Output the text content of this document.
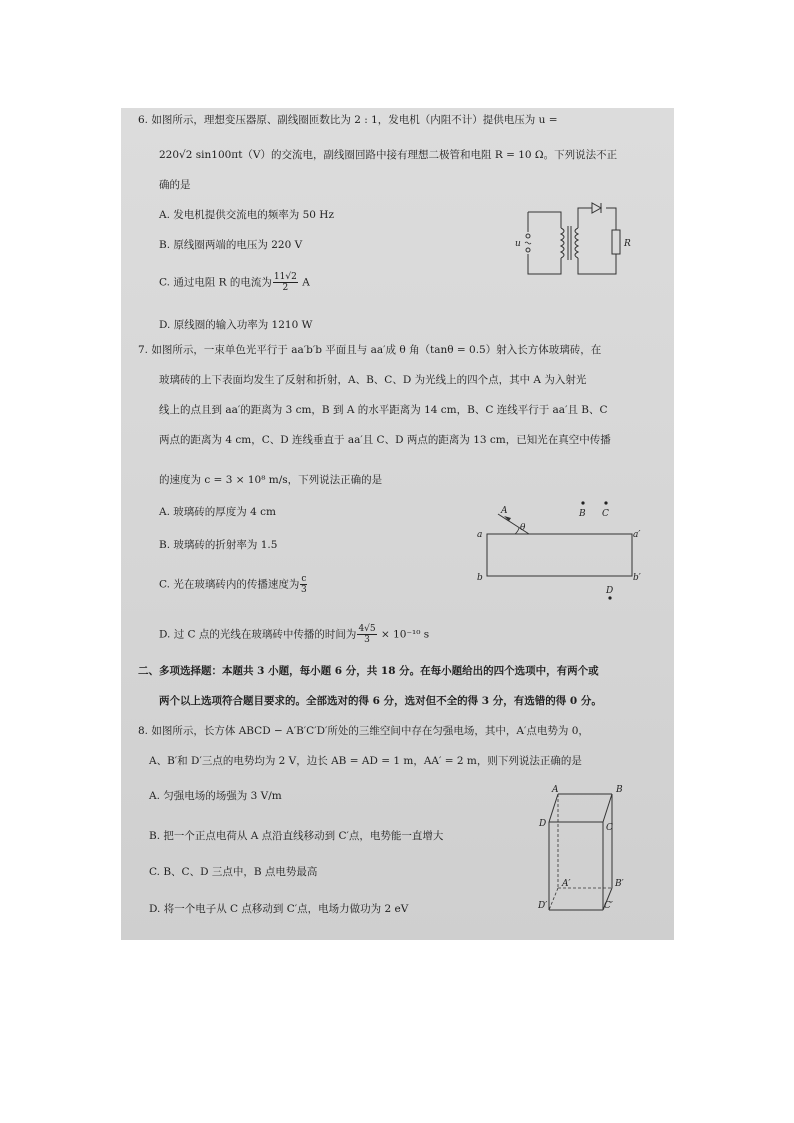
6. 如图所示，理想变压器原、副线圈匝数比为 2 : 1，发电机（内阻不计）提供电压为 u =
220√2 sin100πt（V）的交流电，副线圈回路中接有理想二极管和电阻 R = 10 Ω。下列说法不正
确的是
A. 发电机提供交流电的频率为 50 Hz
B. 原线圈两端的电压为 220 V
C. 通过电阻 R 的电流为 $\frac{11√2}{2}$ A
D. 原线圈的输入功率为 1210 W
u	R
7. 如图所示，一束单色光平行于 aa′b′b 平面且与 aa′成 θ 角（tanθ = 0.5）射入长方体玻璃砖，在
玻璃砖的上下表面均发生了反射和折射，A、B、C、D 为光线上的四个点，其中 A 为入射光
线上的点且到 aa′的距离为 3 cm，B 到 A 的水平距离为 14 cm，B、C 连线平行于 aa′且 B、C
两点的距离为 4 cm，C、D 连线垂直于 aa′且 C、D 两点的距离为 13 cm，已知光在真空中传播
的速度为 c = 3 × 10⁸ m/s，下列说法正确的是
A. 玻璃砖的厚度为 4 cm
B. 玻璃砖的折射率为 1.5
C. 光在玻璃砖内的传播速度为 $\frac{c}{3}$
D. 过 C 点的光线在玻璃砖中传播的时间为 $\frac{4√5}{3} \times 10^{-10}$ s
A	B C
D
a	a′
b	b′
θ
二、多项选择题：本题共 3 小题，每小题 6 分，共 18 分。在每小题给出的四个选项中，有两个或
两个以上选项符合题目要求的。全部选对的得 6 分，选对但不全的得 3 分，有选错的得 0 分。
8. 如图所示，长方体 ABCD − A′B′C′D′所处的三维空间中存在匀强电场，其中，A′点电势为 0，
A、B′和 D′三点的电势均为 2 V，边长 AB = AD = 1 m，AA′ = 2 m，则下列说法正确的是
A. 匀强电场的场强为 3 V/m
B. 把一个正点电荷从 A 点沿直线移动到 C′点，电势能一直增大
C. B、C、D 三点中，B 点电势最高
D. 将一个电子从 C 点移动到 C′点，电场力做功为 2 eV
A	B
C
D
A′	B′
C′
D′
